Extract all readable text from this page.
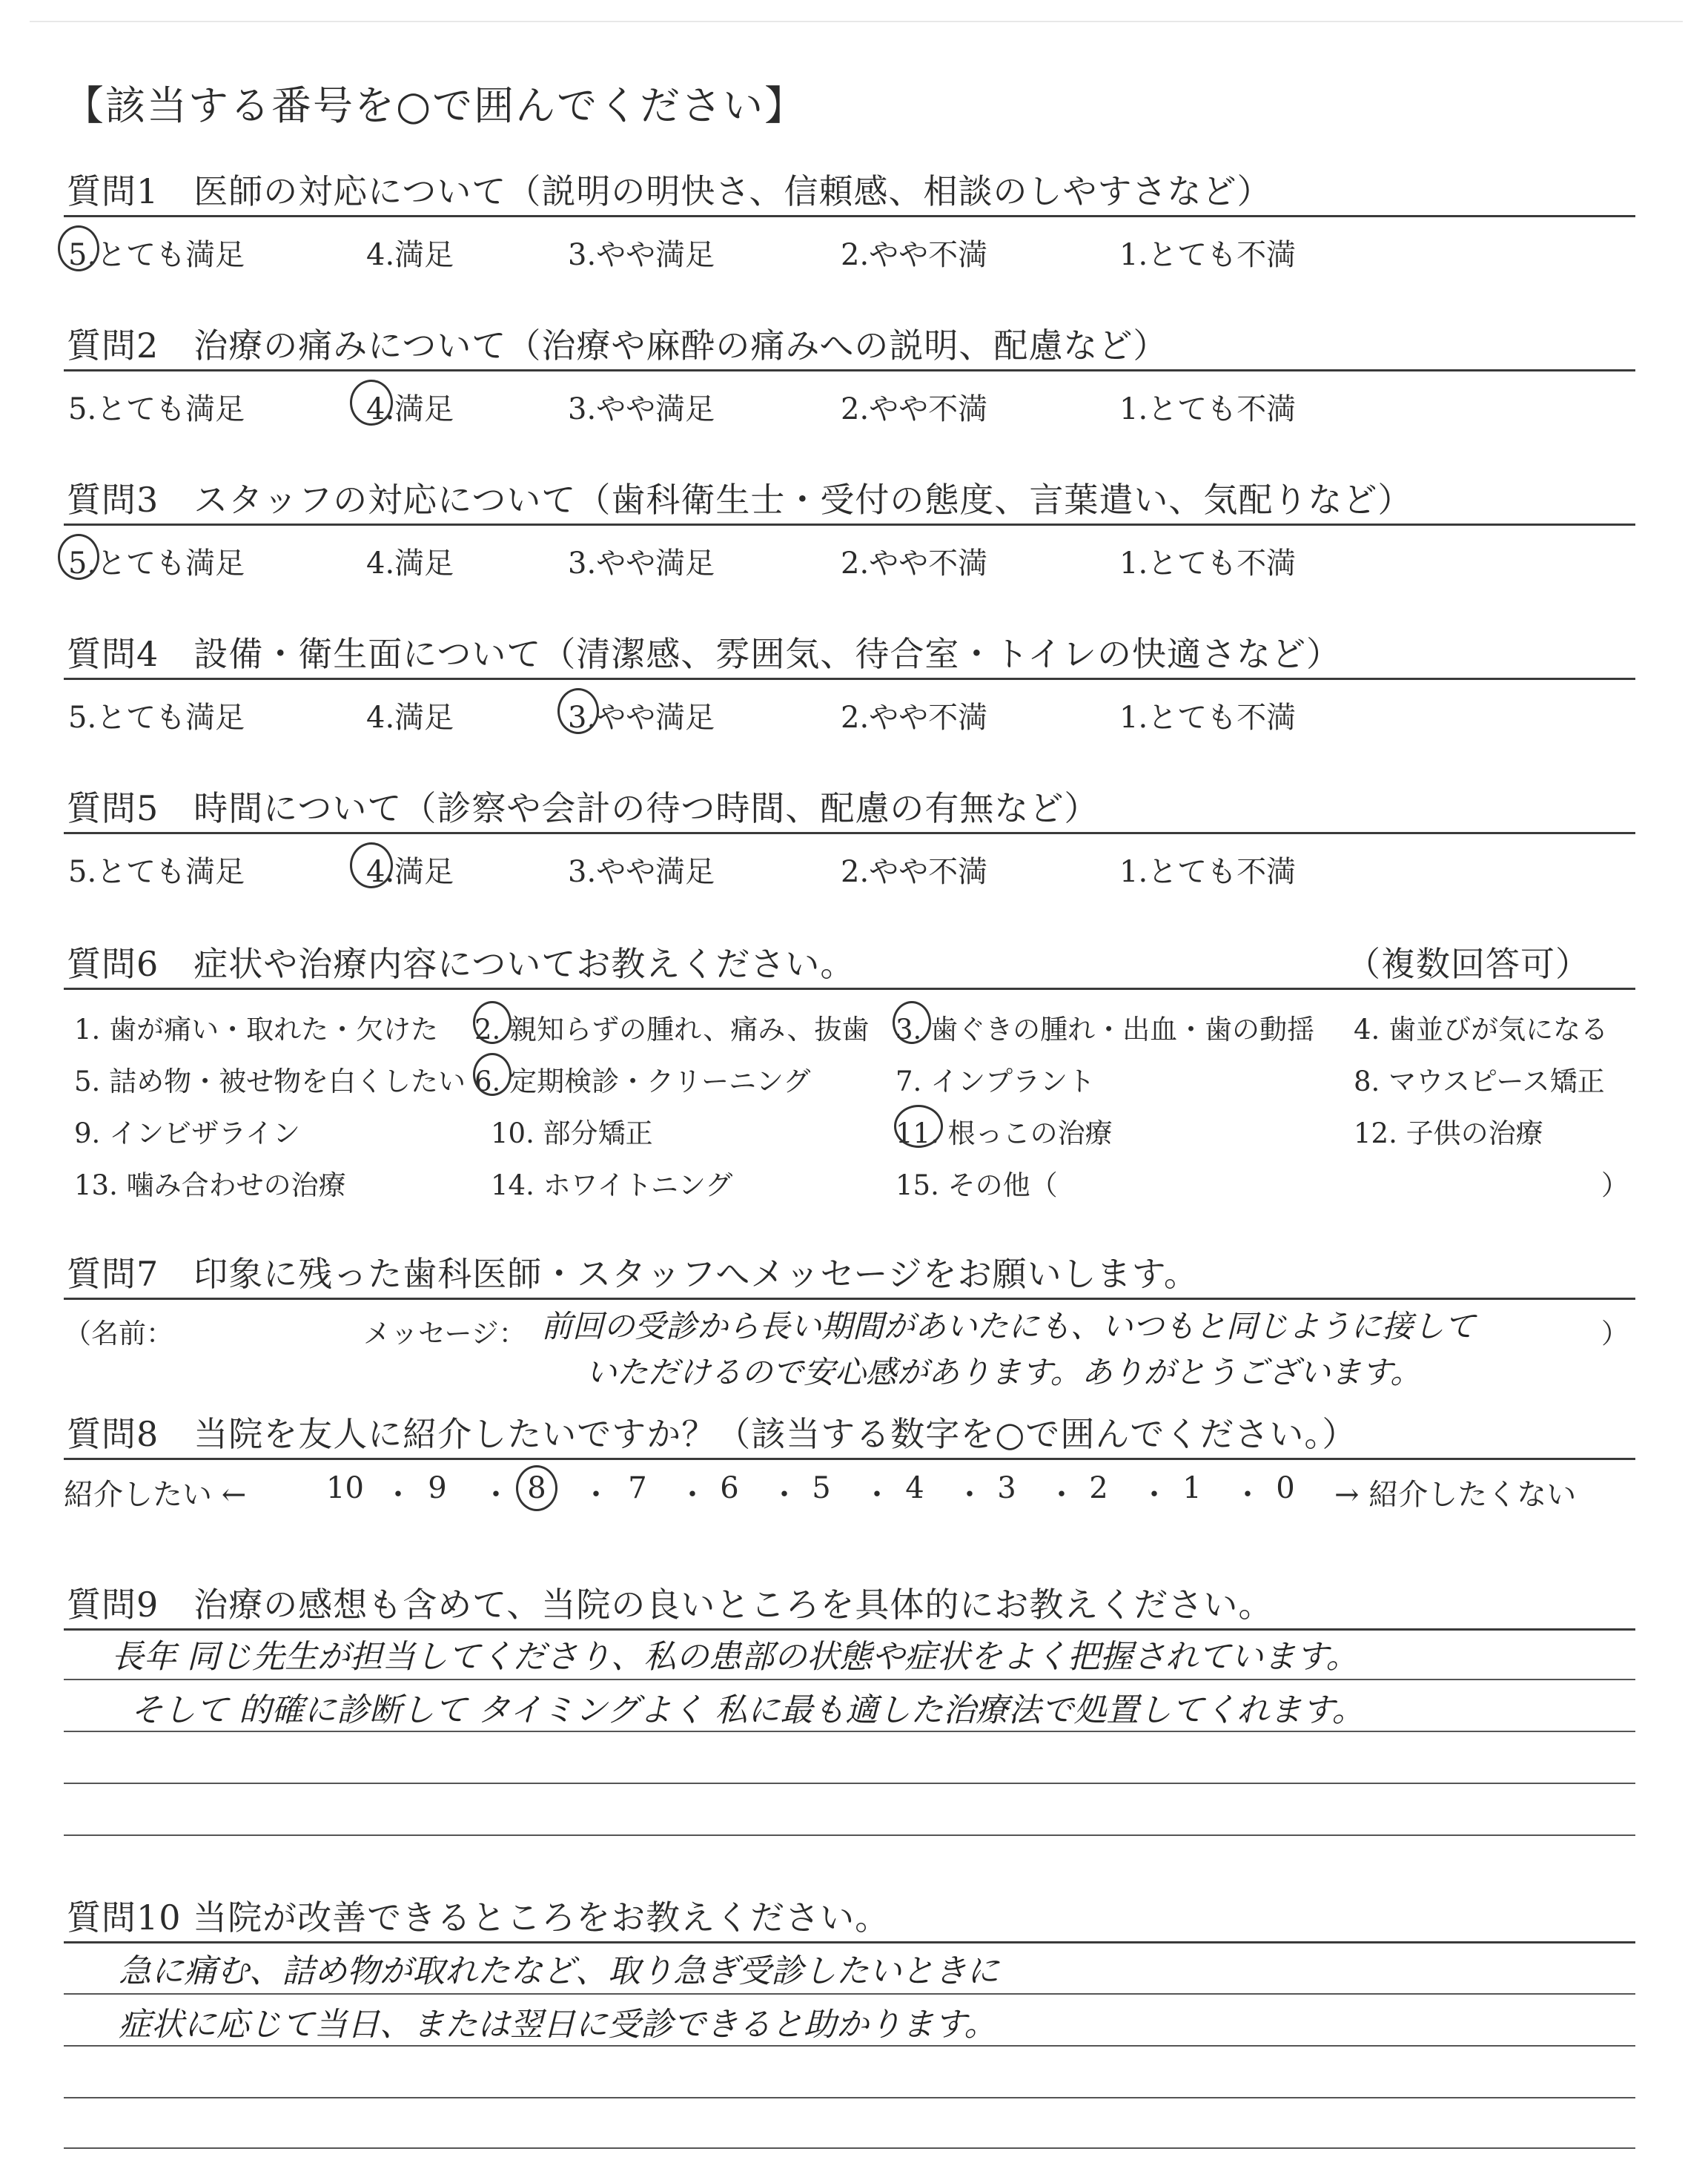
【該当する番号を○で囲んでください】
質問1　医師の対応について（説明の明快さ、信頼感、相談のしやすさなど）
5.とても満足	4.満足	3.やや満足	2.やや不満	1.とても不満
質問2　治療の痛みについて（治療や麻酔の痛みへの説明、配慮など）
5.とても満足	4.満足	3.やや満足	2.やや不満	1.とても不満
質問3　スタッフの対応について（歯科衛生士・受付の態度、言葉遣い、気配りなど）
5.とても満足	4.満足	3.やや満足	2.やや不満	1.とても不満
質問4　設備・衛生面について（清潔感、雰囲気、待合室・トイレの快適さなど）
5.とても満足	4.満足	3.やや満足	2.やや不満	1.とても不満
質問5　時間について（診察や会計の待つ時間、配慮の有無など）
5.とても満足	4.満足	3.やや満足	2.やや不満	1.とても不満
質問6　症状や治療内容についてお教えください。	（複数回答可）
1. 歯が痛い・取れた・欠けた 2. 親知らずの腫れ、痛み、抜歯 3. 歯ぐきの腫れ・出血・歯の動揺 4. 歯並びが気になる
5. 詰め物・被せ物を白くしたい 6. 定期検診・クリーニング	7. インプラント	8. マウスピース矯正
9. インビザライン	10. 部分矯正	11. 根っこの治療	12. 子供の治療
13. 噛み合わせの治療	14. ホワイトニング	15. その他（	）
質問7　印象に残った歯科医師・スタッフへメッセージをお願いします。
（名前：	メッセージ：	）
前回の受診から長い期間があいたにも、いつもと同じように接して
いただけるので安心感があります。ありがとうございます。
質問8　当院を友人に紹介したいですか？（該当する数字を○で囲んでください。）
紹介したい ←	→ 紹介したくない
10 ・ 9 ・ 8 ・ 7 ・ 6 ・ 5 ・ 4 ・ 3 ・ 2 ・ 1 ・ 0
質問9　治療の感想も含めて、当院の良いところを具体的にお教えください。
長年 同じ先生が担当してくださり、私の患部の状態や症状をよく把握されています。
そして 的確に診断して タイミングよく 私に最も適した治療法で処置してくれます。
質問10 当院が改善できるところをお教えください。
急に痛む、詰め物が取れたなど、取り急ぎ受診したいときに
症状に応じて当日、または翌日に受診できると助かります。
